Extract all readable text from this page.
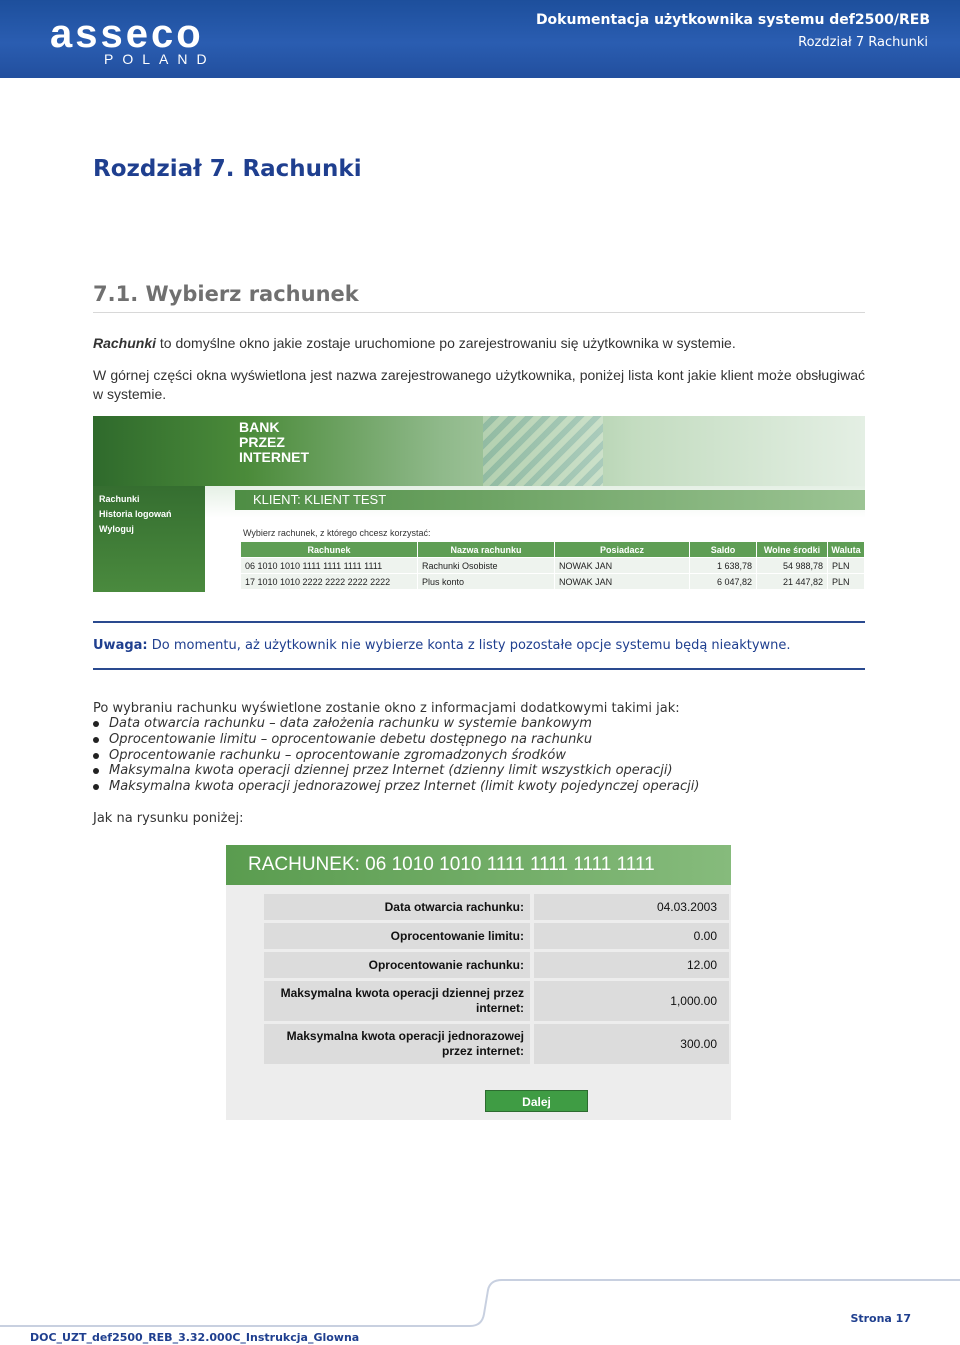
asseco
POLAND
Dokumentacja użytkownika systemu def2500/REB
Rozdział 7 Rachunki
Rozdział 7. Rachunki
7.1. Wybierz rachunek
Rachunki to domyślne okno jakie zostaje uruchomione po zarejestrowaniu się użytkownika w systemie.
W górnej części okna wyświetlona jest nazwa zarejestrowanego użytkownika, poniżej lista kont jakie klient może obsługiwać w systemie.
BANK
PRZEZ
INTERNET
Rachunki
Historia logowań
Wyloguj
KLIENT: KLIENT TEST
Wybierz rachunek, z którego chcesz korzystać:
Rachunek	Nazwa rachunku	Posiadacz	Saldo	Wolne środki	Waluta
06 1010 1010 1111 1111 1111 1111	Rachunki Osobiste	NOWAK JAN	1 638,78	54 988,78	PLN
17 1010 1010 2222 2222 2222 2222	Plus konto	NOWAK JAN	6 047,82	21 447,82	PLN
Uwaga: Do momentu, aż użytkownik nie wybierze konta z listy pozostałe opcje systemu będą nieaktywne.
Po wybraniu rachunku wyświetlone zostanie okno z informacjami dodatkowymi takimi jak:
Data otwarcia rachunku – data założenia rachunku w systemie bankowym
Oprocentowanie limitu – oprocentowanie debetu dostępnego na rachunku
Oprocentowanie rachunku – oprocentowanie zgromadzonych środków
Maksymalna kwota operacji dziennej przez Internet (dzienny limit wszystkich operacji)
Maksymalna kwota operacji jednorazowej przez Internet (limit kwoty pojedynczej operacji)
Jak na rysunku poniżej:
RACHUNEK: 06 1010 1010 1111 1111 1111 1111
Data otwarcia rachunku:	04.03.2003
Oprocentowanie limitu:	0.00
Oprocentowanie rachunku:	12.00
Maksymalna kwota operacji dziennej przez
internet:	1,000.00
Maksymalna kwota operacji jednorazowej
przez internet:	300.00
Dalej
DOC_UZT_def2500_REB_3.32.000C_Instrukcja_Glowna
Strona 17
